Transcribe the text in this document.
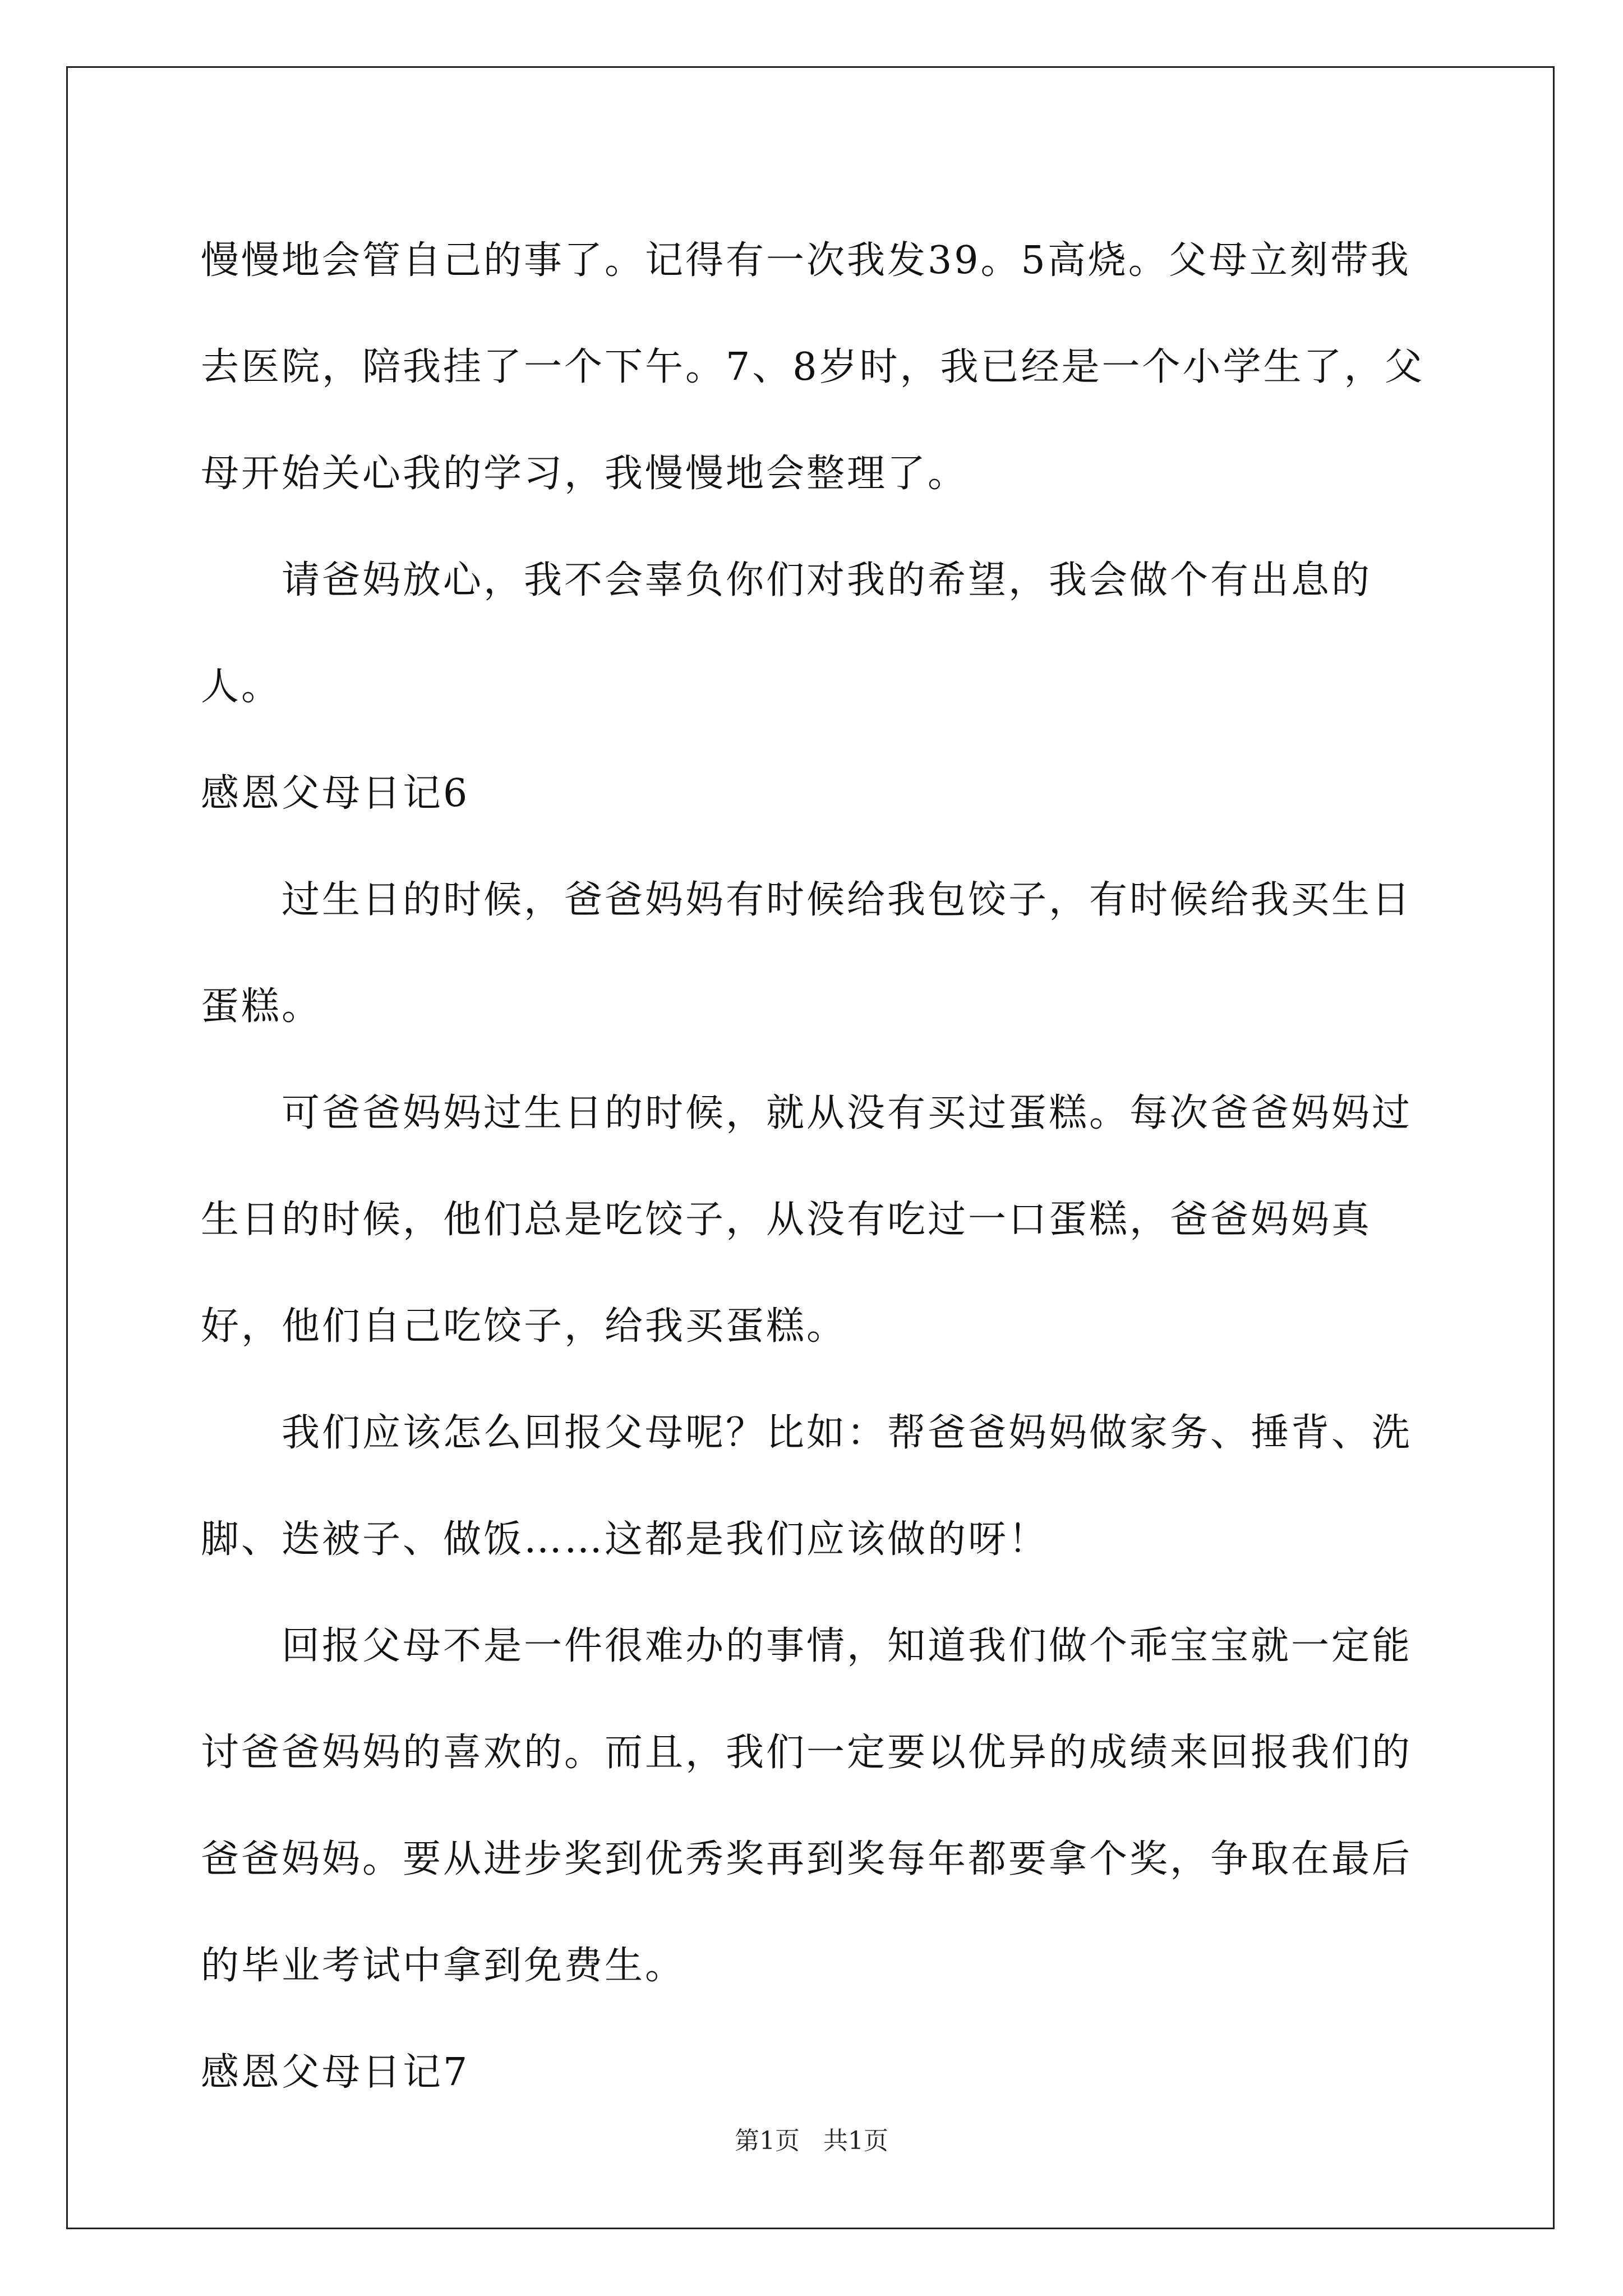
慢慢地会管自己的事了。记得有一次我发39。5高烧。父母立刻带我去医院，陪我挂了一个下午。7、8岁时，我已经是一个小学生了，父母开始关心我的学习，我慢慢地会整理了。

请爸妈放心，我不会辜负你们对我的希望，我会做个有出息的人。

感恩父母日记6

过生日的时候，爸爸妈妈有时候给我包饺子，有时候给我买生日蛋糕。

可爸爸妈妈过生日的时候，就从没有买过蛋糕。每次爸爸妈妈过生日的时候，他们总是吃饺子，从没有吃过一口蛋糕，爸爸妈妈真好，他们自己吃饺子，给我买蛋糕。

我们应该怎么回报父母呢？比如：帮爸爸妈妈做家务、捶背、洗脚、迭被子、做饭……这都是我们应该做的呀！

回报父母不是一件很难办的事情，知道我们做个乖宝宝就一定能讨爸爸妈妈的喜欢的。而且，我们一定要以优异的成绩来回报我们的爸爸妈妈。要从进步奖到优秀奖再到奖每年都要拿个奖，争取在最后的毕业考试中拿到免费生。

感恩父母日记7

第1页 共1页
